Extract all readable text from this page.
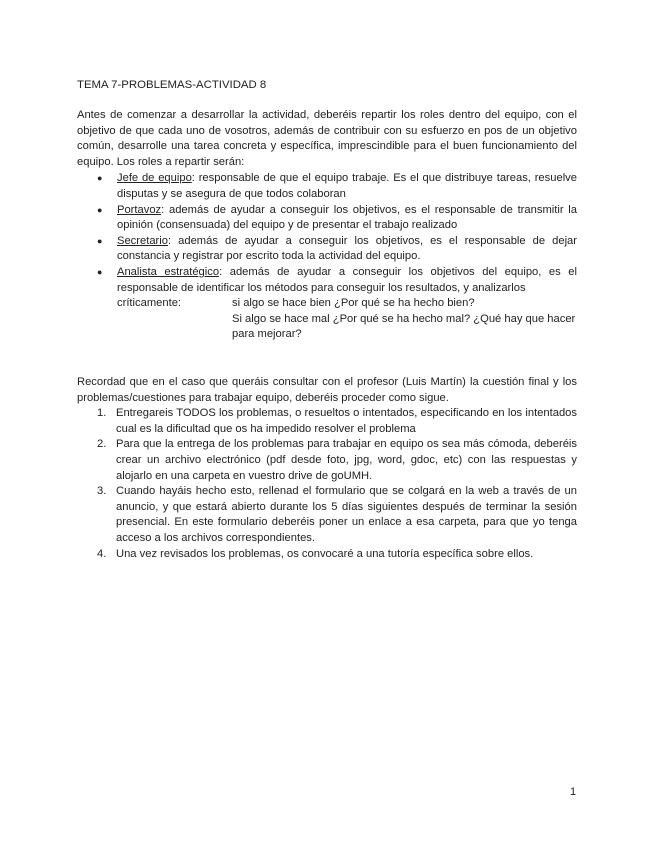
TEMA 7-PROBLEMAS-ACTIVIDAD 8

Antes de comenzar a desarrollar la actividad, deberéis repartir los roles dentro del equipo, con el objetivo de que cada uno de vosotros, además de contribuir con su esfuerzo en pos de un objetivo común, desarrolle una tarea concreta y específica, imprescindible para el buen funcionamiento del equipo. Los roles a repartir serán:

● Jefe de equipo: responsable de que el equipo trabaje. Es el que distribuye tareas, resuelve disputas y se asegura de que todos colaboran
● Portavoz: además de ayudar a conseguir los objetivos, es el responsable de transmitir la opinión (consensuada) del equipo y de presentar el trabajo realizado
● Secretario: además de ayudar a conseguir los objetivos, es el responsable de dejar constancia y registrar por escrito toda la actividad del equipo.
● Analista estratégico: además de ayudar a conseguir los objetivos del equipo, es el responsable de identificar los métodos para conseguir los resultados, y analizarlos
críticamente:	si algo se hace bien ¿Por qué se ha hecho bien?
Si algo se hace mal ¿Por qué se ha hecho mal? ¿Qué hay que hacer para mejorar?

Recordad que en el caso que queráis consultar con el profesor (Luis Martín) la cuestión final y los problemas/cuestiones para trabajar equipo, deberéis proceder como sigue.

1. Entregareis TODOS los problemas, o resueltos o intentados, especificando en los intentados cual es la dificultad que os ha impedido resolver el problema
2. Para que la entrega de los problemas para trabajar en equipo os sea más cómoda, deberéis crear un archivo electrónico (pdf desde foto, jpg, word, gdoc, etc) con las respuestas y alojarlo en una carpeta en vuestro drive de goUMH.
3. Cuando hayáis hecho esto, rellenad el formulario que se colgará en la web a través de un anuncio, y que estará abierto durante los 5 días siguientes después de terminar la sesión presencial. En este formulario deberéis poner un enlace a esa carpeta, para que yo tenga acceso a los archivos correspondientes.
4. Una vez revisados los problemas, os convocaré a una tutoría específica sobre ellos.
1
